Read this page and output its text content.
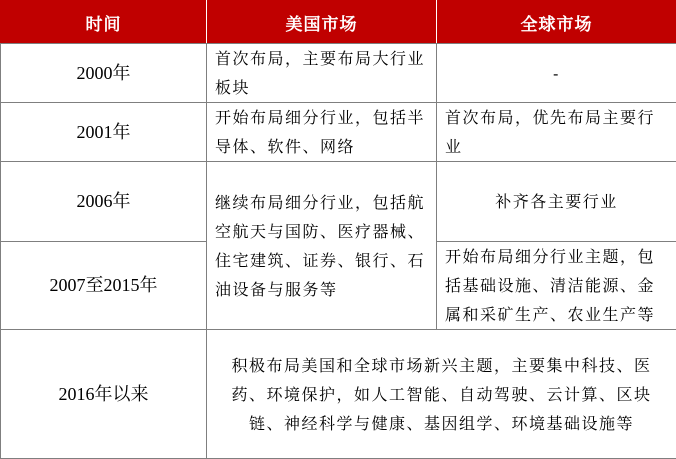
时间	美国市场	全球市场
2000年	首次布局，主要布局大行业板块	-
2001年	开始布局细分行业，包括半导体、软件、网络	首次布局，优先布局主要行业
2006年	继续布局细分行业，包括航空航天与国防、医疗器械、住宅建筑、证券、银行、石油设备与服务等	补齐各主要行业
2007至2015年		开始布局细分行业主题，包括基础设施、清洁能源、金属和采矿生产、农业生产等
2016年以来	积极布局美国和全球市场新兴主题，主要集中科技、医药、环境保护，如人工智能、自动驾驶、云计算、区块链、神经科学与健康、基因组学、环境基础设施等	
